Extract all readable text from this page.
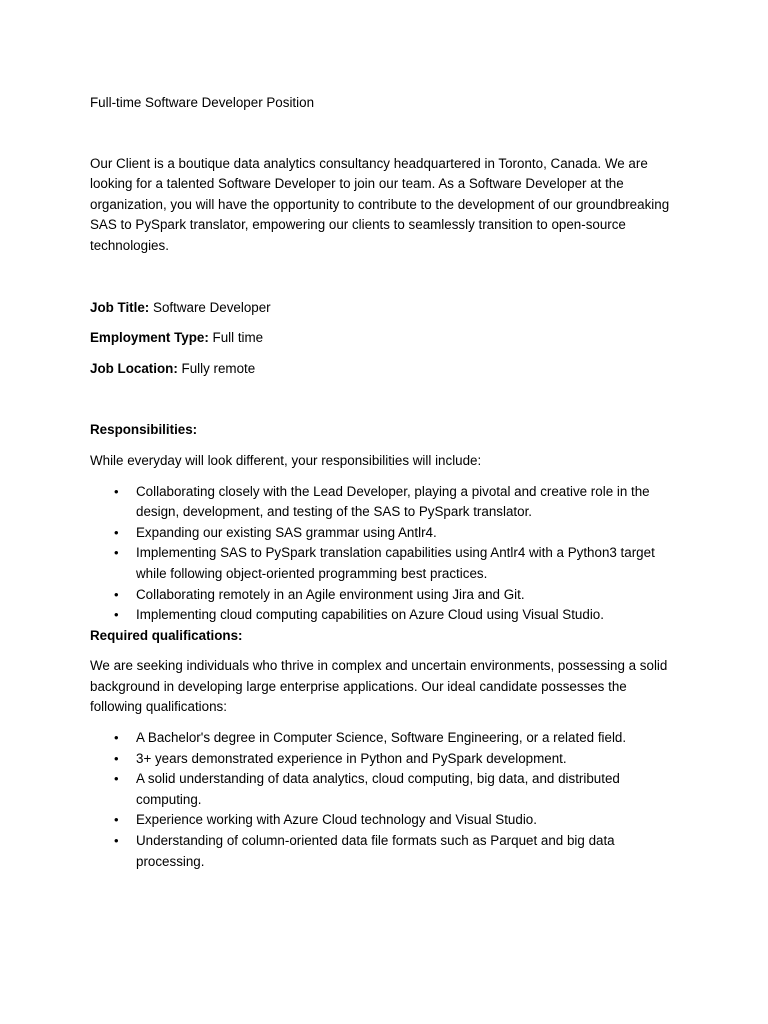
Full-time Software Developer Position

Our Client is a boutique data analytics consultancy headquartered in Toronto, Canada. We are looking for a talented Software Developer to join our team. As a Software Developer at the organization, you will have the opportunity to contribute to the development of our groundbreaking SAS to PySpark translator, empowering our clients to seamlessly transition to open-source technologies.

Job Title: Software Developer

Employment Type: Full time

Job Location: Fully remote

Responsibilities:

While everyday will look different, your responsibilities will include:

• Collaborating closely with the Lead Developer, playing a pivotal and creative role in the design, development, and testing of the SAS to PySpark translator.
• Expanding our existing SAS grammar using Antlr4.
• Implementing SAS to PySpark translation capabilities using Antlr4 with a Python3 target while following object-oriented programming best practices.
• Collaborating remotely in an Agile environment using Jira and Git.
• Implementing cloud computing capabilities on Azure Cloud using Visual Studio.

Required qualifications:

We are seeking individuals who thrive in complex and uncertain environments, possessing a solid background in developing large enterprise applications. Our ideal candidate possesses the following qualifications:

• A Bachelor's degree in Computer Science, Software Engineering, or a related field.
• 3+ years demonstrated experience in Python and PySpark development.
• A solid understanding of data analytics, cloud computing, big data, and distributed computing.
• Experience working with Azure Cloud technology and Visual Studio.
• Understanding of column-oriented data file formats such as Parquet and big data processing.
